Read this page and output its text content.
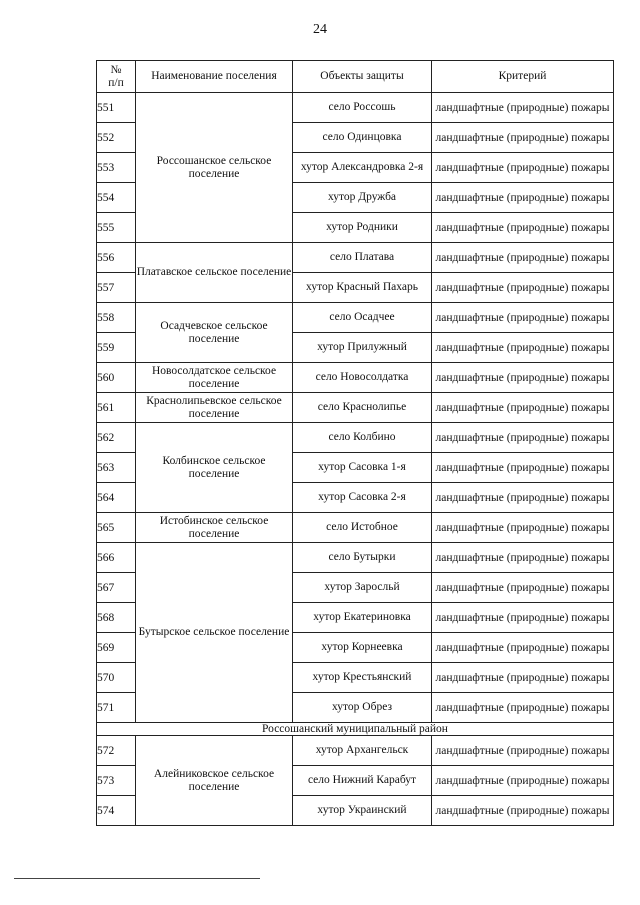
24
№
п/п	Наименование поселения	Объекты защиты	Критерий
551	Россошанское сельское поселение	село Россошь	ландшафтные (природные) пожары
552		село Одинцовка	ландшафтные (природные) пожары
553		хутор Александровка 2-я	ландшафтные (природные) пожары
554		хутор Дружба	ландшафтные (природные) пожары
555		хутор Родники	ландшафтные (природные) пожары
556	Платавское сельское поселение	село Платава	ландшафтные (природные) пожары
557		хутор Красный Пахарь	ландшафтные (природные) пожары
558	Осадчевское сельское поселение	село Осадчее	ландшафтные (природные) пожары
559		хутор Прилужный	ландшафтные (природные) пожары
560	Новосолдатское сельское поселение	село Новосолдатка	ландшафтные (природные) пожары
561	Краснолипьевское сельское поселение	село Краснолипье	ландшафтные (природные) пожары
562	Колбинское сельское поселение	село Колбино	ландшафтные (природные) пожары
563		хутор Сасовка 1-я	ландшафтные (природные) пожары
564		хутор Сасовка 2-я	ландшафтные (природные) пожары
565	Истобинское сельское поселение	село Истобное	ландшафтные (природные) пожары
566	Бутырское сельское поселение	село Бутырки	ландшафтные (природные) пожары
567		хутор Заросльй	ландшафтные (природные) пожары
568		хутор Екатериновка	ландшафтные (природные) пожары
569		хутор Корнеевка	ландшафтные (природные) пожары
570		хутор Крестьянский	ландшафтные (природные) пожары
571		хутор Обрез	ландшафтные (природные) пожары
Россошанский муниципальный район			
572	Алейниковское сельское поселение	хутор Архангельск	ландшафтные (природные) пожары
573		село Нижний Карабут	ландшафтные (природные) пожары
574		хутор Украинский	ландшафтные (природные) пожары
